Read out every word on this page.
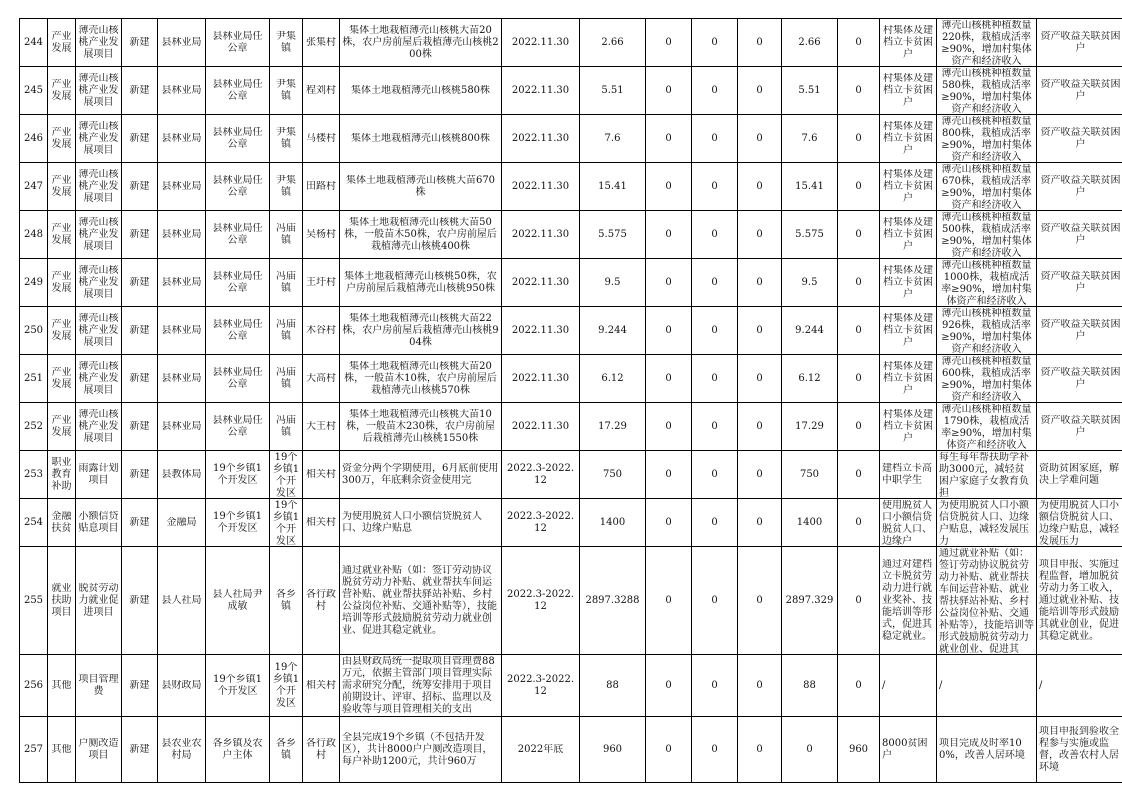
244	产业发展	薄壳山核桃产业发展项目	新建	县林业局	县林业局任公章	尹集镇	张集村	集体土地栽植薄壳山核桃大苗20株，农户房前屋后栽植薄壳山核桃200株	2022.11.30	2.66	0	0	0	2.66	0	村集体及建档立卡贫困户	薄壳山核桃种植数量220株，栽植成活率≥90%，增加村集体资产和经济收入	资产收益关联贫困户

245	产业发展	薄壳山核桃产业发展项目	新建	县林业局	县林业局任公章	尹集镇	程刘村	集体土地栽植薄壳山核桃580株	2022.11.30	5.51	0	0	0	5.51	0	村集体及建档立卡贫困户	薄壳山核桃种植数量580株，栽植成活率≥90%，增加村集体资产和经济收入	资产收益关联贫困户

246	产业发展	薄壳山核桃产业发展项目	新建	县林业局	县林业局任公章	尹集镇	马楼村	集体土地栽植薄壳山核桃800株	2022.11.30	7.6	0	0	0	7.6	0	村集体及建档立卡贫困户	薄壳山核桃种植数量800株，栽植成活率≥90%，增加村集体资产和经济收入	资产收益关联贫困户

247	产业发展	薄壳山核桃产业发展项目	新建	县林业局	县林业局任公章	尹集镇	田路村	集体土地栽植薄壳山核桃大苗670株	2022.11.30	15.41	0	0	0	15.41	0	村集体及建档立卡贫困户	薄壳山核桃种植数量670株，栽植成活率≥90%，增加村集体资产和经济收入	资产收益关联贫困户

248	产业发展	薄壳山核桃产业发展项目	新建	县林业局	县林业局任公章	冯庙镇	吴杨村	集体土地栽植薄壳山核桃大苗50株，一般苗木50株，农户房前屋后栽植薄壳山核桃400株	2022.11.30	5.575	0	0	0	5.575	0	村集体及建档立卡贫困户	薄壳山核桃种植数量500株，栽植成活率≥90%，增加村集体资产和经济收入	资产收益关联贫困户

249	产业发展	薄壳山核桃产业发展项目	新建	县林业局	县林业局任公章	冯庙镇	王圩村	集体土地栽植薄壳山核桃50株，农户房前屋后栽植薄壳山核桃950株	2022.11.30	9.5	0	0	0	9.5	0	村集体及建档立卡贫困户	薄壳山核桃种植数量1000株，栽植成活率≥90%，增加村集体资产和经济收入	资产收益关联贫困户

250	产业发展	薄壳山核桃产业发展项目	新建	县林业局	县林业局任公章	冯庙镇	木谷村	集体土地栽植薄壳山核桃大苗22株，农户房前屋后栽植薄壳山核桃904株	2022.11.30	9.244	0	0	0	9.244	0	村集体及建档立卡贫困户	薄壳山核桃种植数量926株，栽植成活率≥90%，增加村集体资产和经济收入	资产收益关联贫困户

251	产业发展	薄壳山核桃产业发展项目	新建	县林业局	县林业局任公章	冯庙镇	大高村	集体土地栽植薄壳山核桃大苗20株，一般苗木10株，农户房前屋后栽植薄壳山核桃570株	2022.11.30	6.12	0	0	0	6.12	0	村集体及建档立卡贫困户	薄壳山核桃种植数量600株，栽植成活率≥90%，增加村集体资产和经济收入	资产收益关联贫困户

252	产业发展	薄壳山核桃产业发展项目	新建	县林业局	县林业局任公章	冯庙镇	大王村	集体土地栽植薄壳山核桃大苗10株，一般苗木230株，农户房前屋后栽植薄壳山核桃1550株	2022.11.30	17.29	0	0	0	17.29	0	村集体及建档立卡贫困户	薄壳山核桃种植数量1790株，栽植成活率≥90%，增加村集体资产和经济收入	资产收益关联贫困户

253	职业教育补助	雨露计划项目	新建	县教体局	19个乡镇1个开发区	19个乡镇1个开发区	相关村	资金分两个学期使用，6月底前使用300万，年底剩余资金使用完	2022.3-2022.12	750	0	0	0	750	0	建档立卡高中职学生	每生每年帮扶助学补助3000元，减轻贫困户家庭子女教育负担	资助贫困家庭，解决上学难问题

254	金融扶贫	小额信贷贴息项目	新建	金融局	19个乡镇1个开发区	19个乡镇1个开发区	相关村	为使用脱贫人口小额信贷脱贫人口、边缘户贴息	2022.3-2022.12	1400	0	0	0	1400	0	使用脱贫人口小额信贷脱贫人口、边缘户	为使用脱贫人口小额信贷脱贫人口、边缘户贴息，减轻发展压力	为使用脱贫人口小额信贷脱贫人口、边缘户贴息，减轻发展压力

255	就业扶助项目	脱贫劳动力就业促进项目	新建	县人社局	县人社局尹成敏	各乡镇	各行政村	通过就业补贴（如：签订劳动协议脱贫劳动力补贴、就业帮扶车间运营补贴、就业帮扶驿站补贴、乡村公益岗位补贴、交通补贴等），技能培训等形式鼓励脱贫劳动力就业创业、促进其稳定就业。	2022.3-2022.12	2897.3288	0	0	0	2897.329	0	通过对建档立卡脱贫劳动力进行就业奖补、技能培训等形式，促进其稳定就业。	通过就业补贴（如：签订劳动协议脱贫劳动力补贴、就业帮扶车间运营补贴、就业帮扶驿站补贴、乡村公益岗位补贴、交通补贴等），技能培训等形式鼓励脱贫劳动力就业创业、促进其	项目申报、实施过程监督，增加脱贫劳动力务工收入，通过就业补贴、技能培训等形式鼓励其就业创业，促进其稳定就业。

256	其他	项目管理费	新建	县财政局	19个乡镇1个开发区	19个乡镇1个开发区	相关村	由县财政局统一提取项目管理费88万元，依据主管部门项目管理实际需求研究分配，统筹安排用于项目前期设计、评审、招标、监理以及验收等与项目管理相关的支出	2022.3-2022.12	88	0	0	0	88	0	/	/	/

257	其他	户厕改造项目	新建	县农业农村局	各乡镇及农户主体	各乡镇	各行政村	全县完成19个乡镇（不包括开发区），共计8000户户厕改造项目，每户补助1200元，共计960万	2022年底	960	0	0	0	0	960	8000贫困户	项目完成及时率100%，改善人居环境	项目申报到验收全程参与实施或监督，改善农村人居环境
